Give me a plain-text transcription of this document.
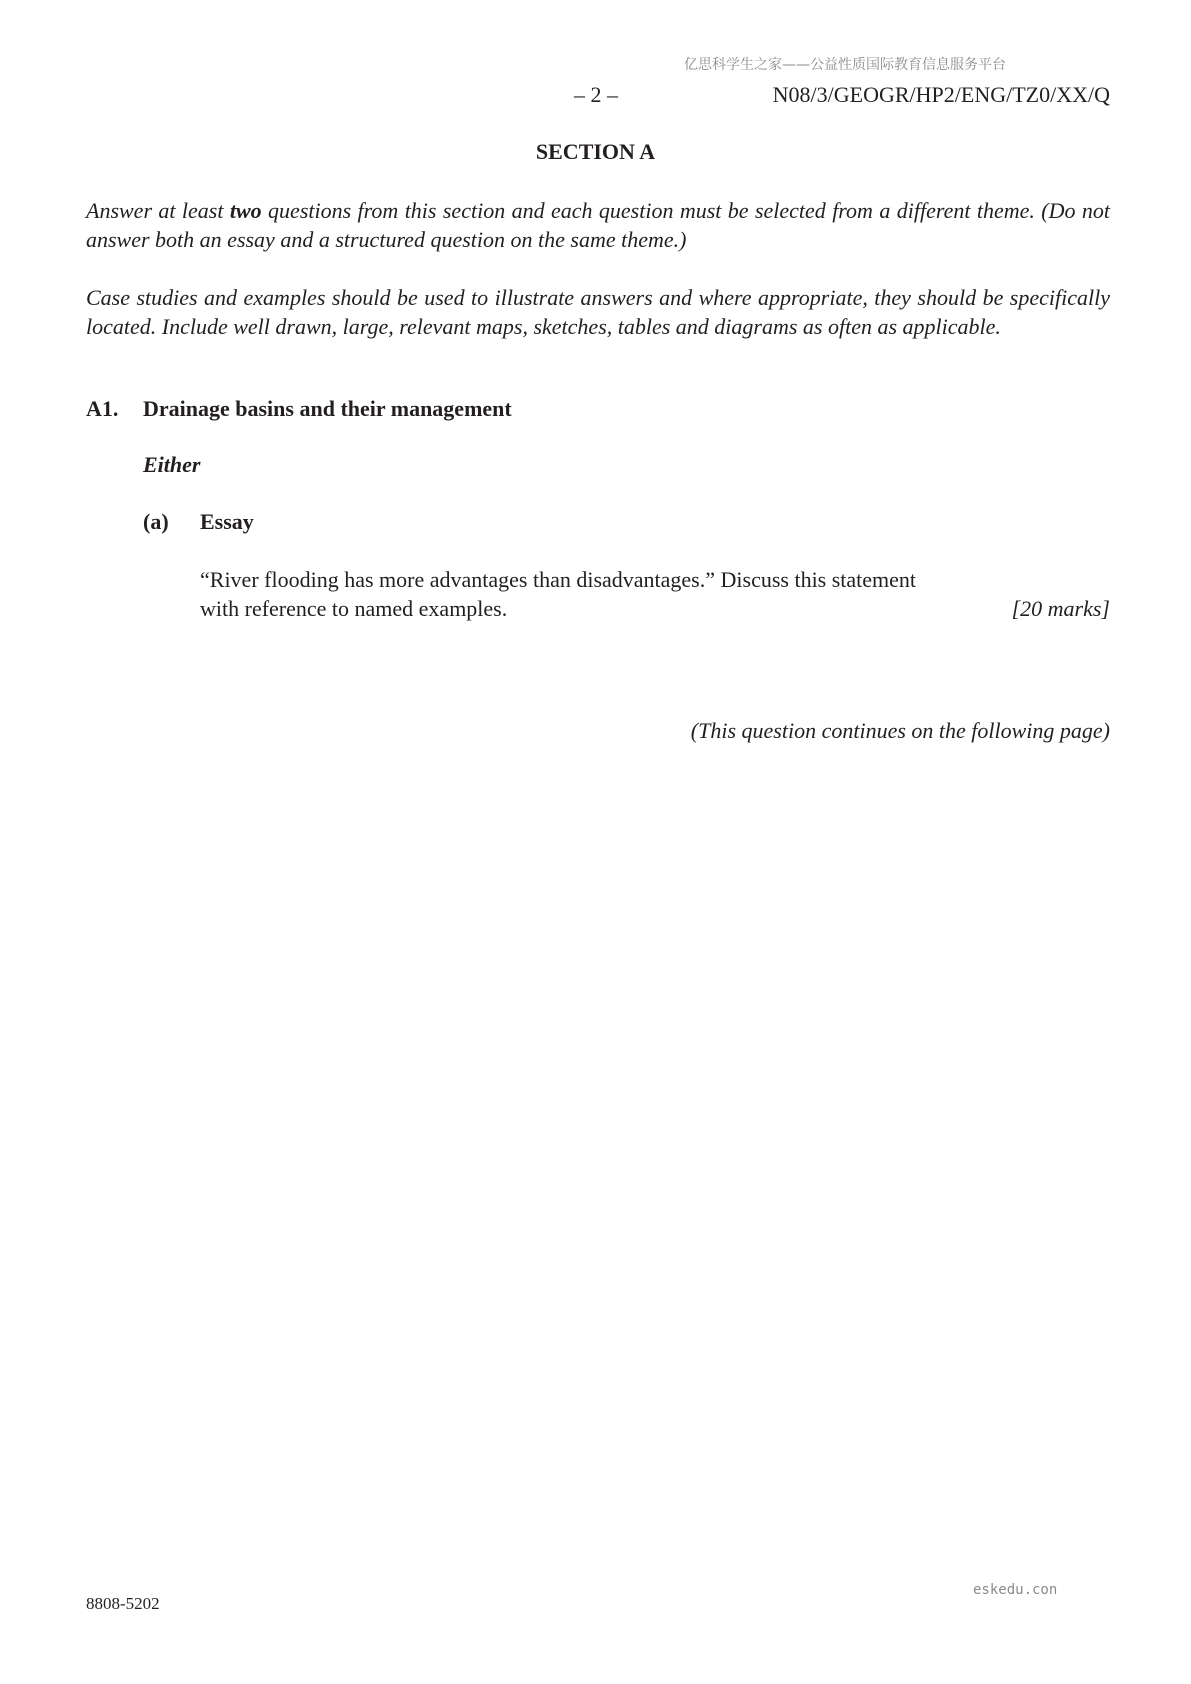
亿思科学生之家——公益性质国际教育信息服务平台
– 2 –	N08/3/GEOGR/HP2/ENG/TZ0/XX/Q
SECTION A

Answer at least two questions from this section and each question must be selected from a different theme. (Do not answer both an essay and a structured question on the same theme.)

Case studies and examples should be used to illustrate answers and where appropriate, they should be specifically located. Include well drawn, large, relevant maps, sketches, tables and diagrams as often as applicable.

A1. Drainage basins and their management
Either
(a) Essay
“River flooding has more advantages than disadvantages.” Discuss this statement
with reference to named examples.	[20 marks]
(This question continues on the following page)
8808-5202
eskedu.con
